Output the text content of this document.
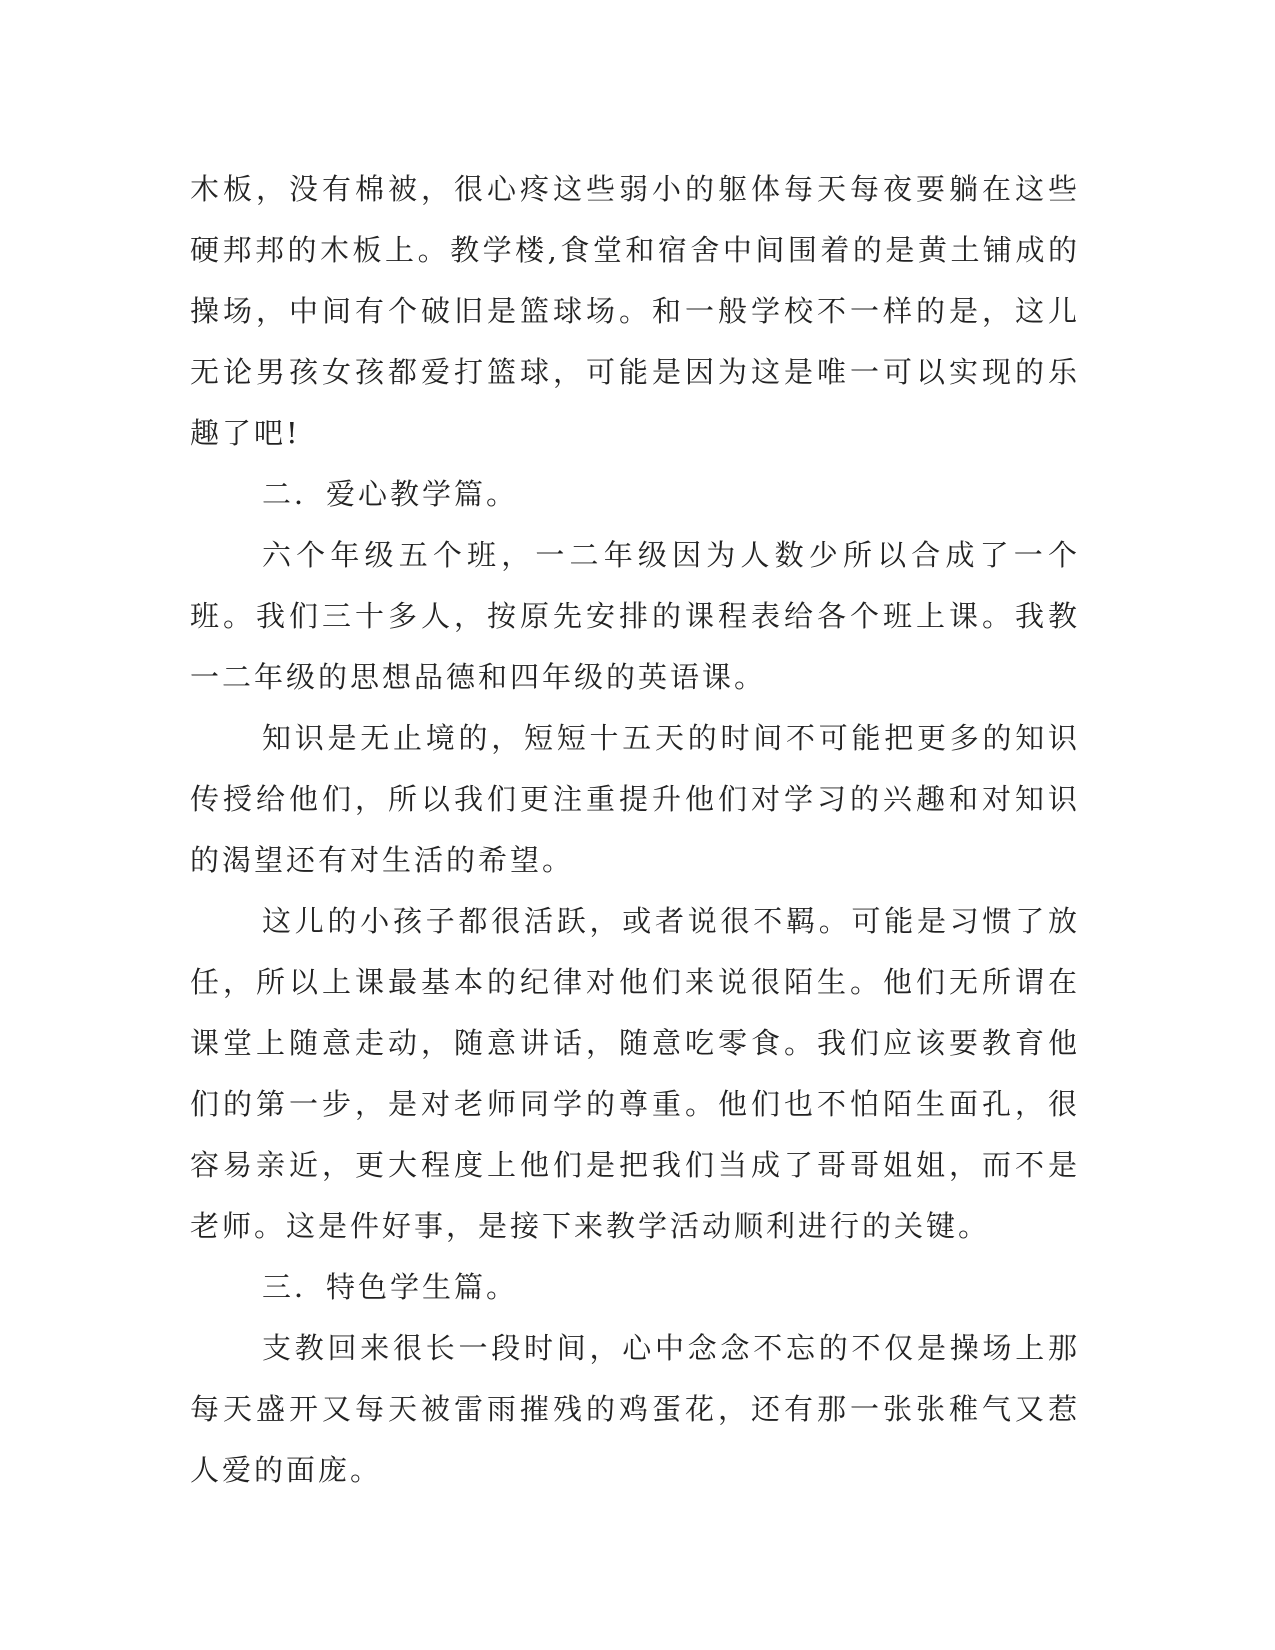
木板，没有棉被，很心疼这些弱小的躯体每天每夜要躺在这些硬邦邦的木板上。教学楼,食堂和宿舍中间围着的是黄土铺成的操场，中间有个破旧是篮球场。和一般学校不一样的是，这儿无论男孩女孩都爱打篮球，可能是因为这是唯一可以实现的乐趣了吧!

二．爱心教学篇。

六个年级五个班，一二年级因为人数少所以合成了一个班。我们三十多人，按原先安排的课程表给各个班上课。我教一二年级的思想品德和四年级的英语课。

知识是无止境的，短短十五天的时间不可能把更多的知识传授给他们，所以我们更注重提升他们对学习的兴趣和对知识的渴望还有对生活的希望。

这儿的小孩子都很活跃，或者说很不羁。可能是习惯了放任，所以上课最基本的纪律对他们来说很陌生。他们无所谓在课堂上随意走动，随意讲话，随意吃零食。我们应该要教育他们的第一步，是对老师同学的尊重。他们也不怕陌生面孔，很容易亲近，更大程度上他们是把我们当成了哥哥姐姐，而不是老师。这是件好事，是接下来教学活动顺利进行的关键。

三．特色学生篇。

支教回来很长一段时间，心中念念不忘的不仅是操场上那每天盛开又每天被雷雨摧残的鸡蛋花，还有那一张张稚气又惹人爱的面庞。
